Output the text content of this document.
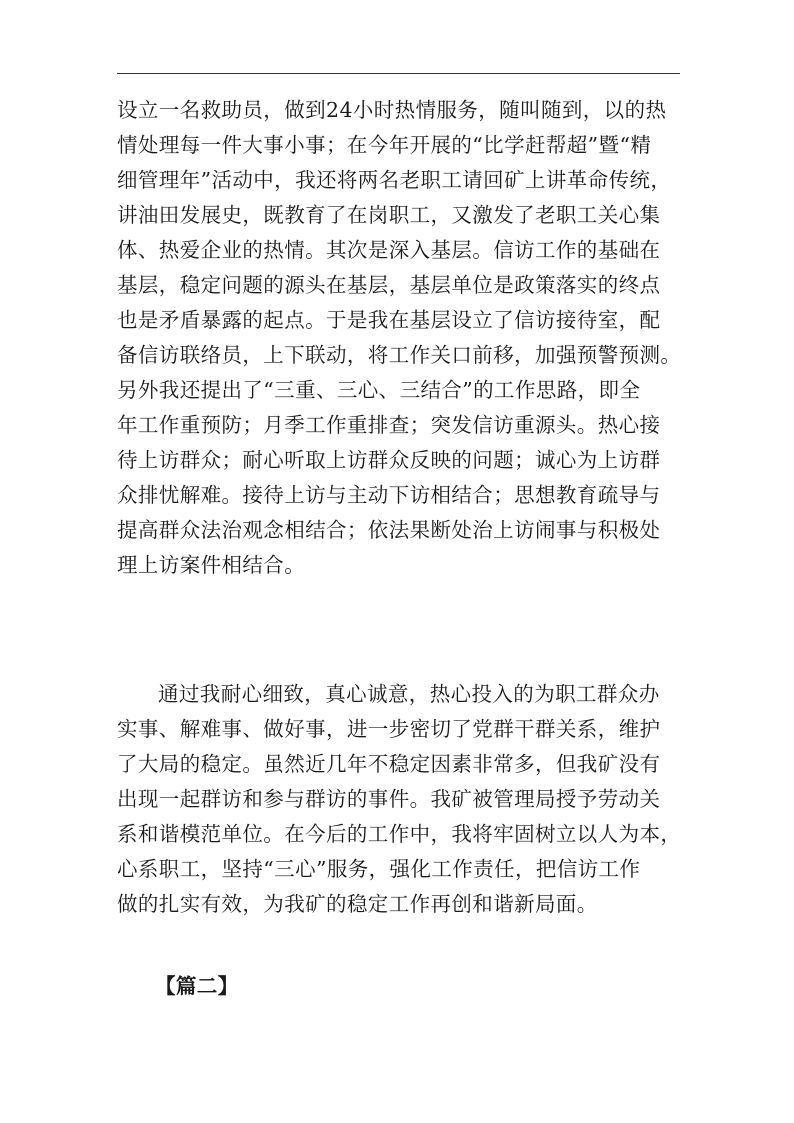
设立一名救助员，做到24小时热情服务，随叫随到，以的热
情处理每一件大事小事；在今年开展的“比学赶帮超”暨“精
细管理年”活动中，我还将两名老职工请回矿上讲革命传统，
讲油田发展史，既教育了在岗职工，又激发了老职工关心集
体、热爱企业的热情。其次是深入基层。信访工作的基础在
基层，稳定问题的源头在基层，基层单位是政策落实的终点
也是矛盾暴露的起点。于是我在基层设立了信访接待室，配
备信访联络员，上下联动，将工作关口前移，加强预警预测。
另外我还提出了“三重、三心、三结合”的工作思路，即全
年工作重预防；月季工作重排查；突发信访重源头。热心接
待上访群众；耐心听取上访群众反映的问题；诚心为上访群
众排忧解难。接待上访与主动下访相结合；思想教育疏导与
提高群众法治观念相结合；依法果断处治上访闹事与积极处
理上访案件相结合。
通过我耐心细致，真心诚意，热心投入的为职工群众办
实事、解难事、做好事，进一步密切了党群干群关系，维护
了大局的稳定。虽然近几年不稳定因素非常多，但我矿没有
出现一起群访和参与群访的事件。我矿被管理局授予劳动关
系和谐模范单位。在今后的工作中，我将牢固树立以人为本，
心系职工，坚持“三心”服务，强化工作责任，把信访工作
做的扎实有效，为我矿的稳定工作再创和谐新局面。
【篇二】
